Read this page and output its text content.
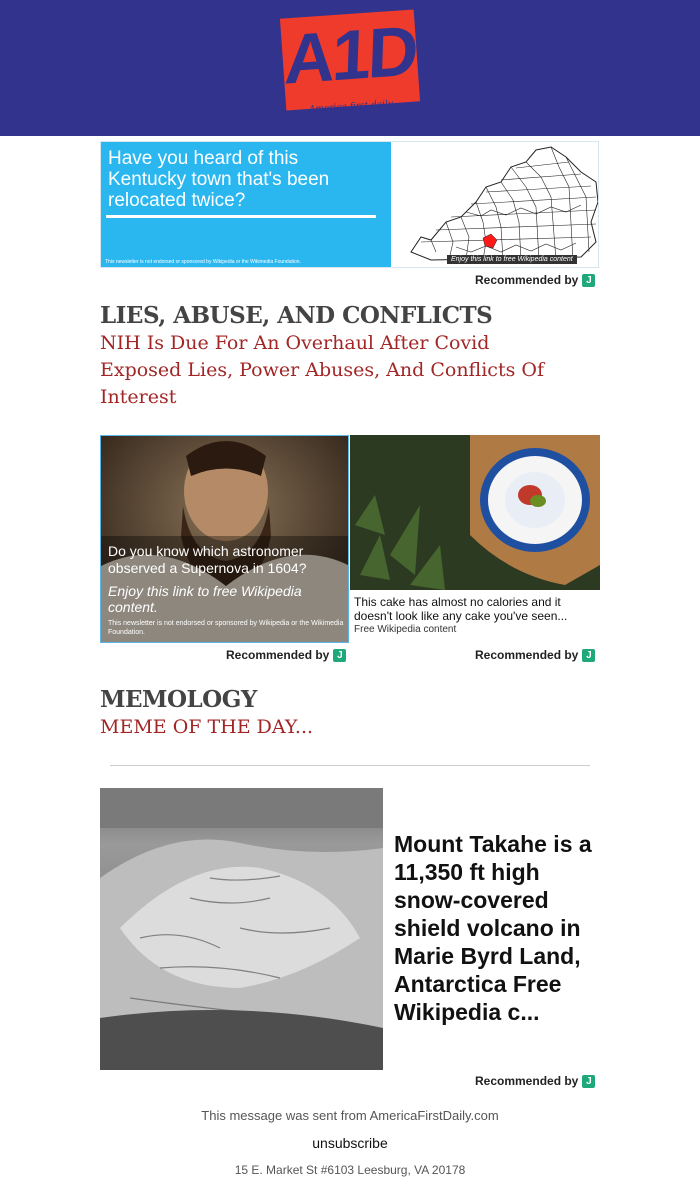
A1D
America first daily
Have you heard of this Kentucky town that's been relocated twice?
This newsletter is not endorsed or sponsored by Wikipedia or the Wikimedia Foundation.	Enjoy this link to free Wikipedia content
Recommended by J
LIES, ABUSE, AND CONFLICTS
NIH Is Due For An Overhaul After Covid
Exposed Lies, Power Abuses, And Conflicts Of
Interest
Do you know which astronomer observed a Supernova in 1604?
Enjoy this link to free Wikipedia content.
This newsletter is not endorsed or sponsored by Wikipedia or the Wikimedia Foundation.
Recommended by J
This cake has almost no calories and it doesn't look like any cake you've seen...
Free Wikipedia content
Recommended by J
MEMOLOGY
MEME OF THE DAY...
Mount Takahe is a 11,350 ft high snow-covered shield volcano in Marie Byrd Land, Antarctica Free Wikipedia c...
Recommended by J
This message was sent from AmericaFirstDaily.com
unsubscribe
15 E. Market St #6103 Leesburg, VA 20178
